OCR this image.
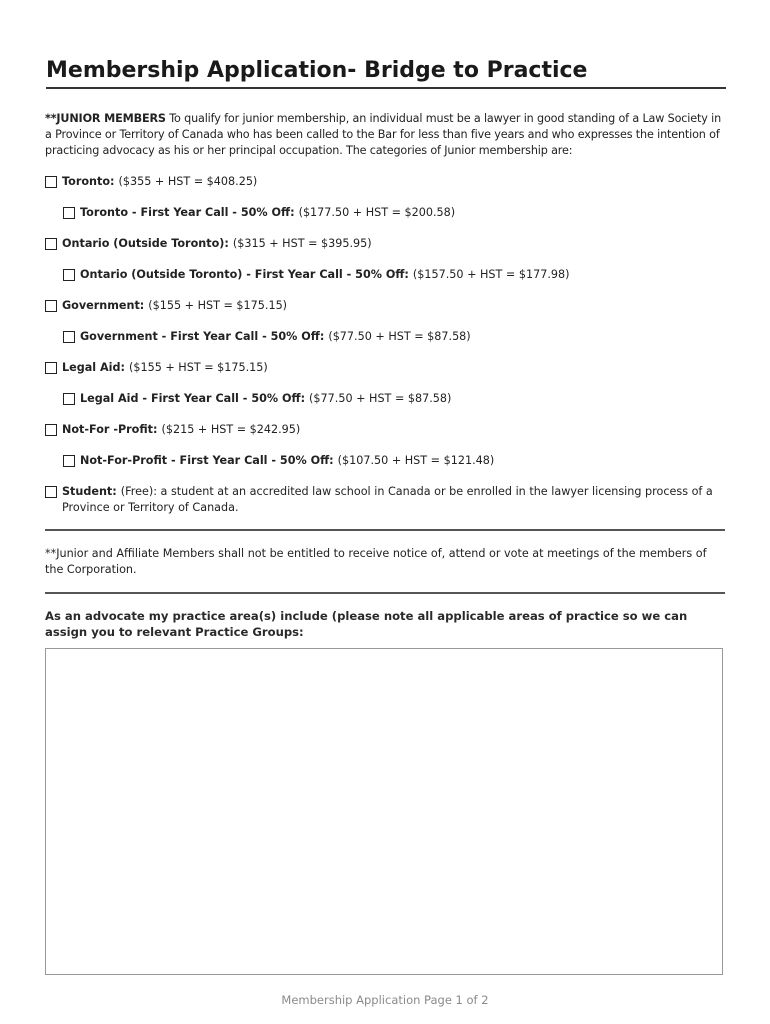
Membership Application- Bridge to Practice
**JUNIOR MEMBERS To qualify for junior membership, an individual must be a lawyer in good standing of a Law Society in a Province or Territory of Canada who has been called to the Bar for less than five years and who expresses the intention of practicing advocacy as his or her principal occupation. The categories of Junior membership are:
Toronto: ($355 + HST = $408.25)
Toronto - First Year Call - 50% Off: ($177.50 + HST = $200.58)
Ontario (Outside Toronto): ($315 + HST = $395.95)
Ontario (Outside Toronto) - First Year Call - 50% Off: ($157.50 + HST = $177.98)
Government: ($155 + HST = $175.15)
Government - First Year Call - 50% Off: ($77.50 + HST = $87.58)
Legal Aid: ($155 + HST = $175.15)
Legal Aid - First Year Call - 50% Off: ($77.50 + HST = $87.58)
Not-For -Profit: ($215 + HST = $242.95)
Not-For-Profit - First Year Call - 50% Off: ($107.50 + HST = $121.48)
Student: (Free): a student at an accredited law school in Canada or be enrolled in the lawyer licensing process of a Province or Territory of Canada.
**Junior and Affiliate Members shall not be entitled to receive notice of, attend or vote at meetings of the members of the Corporation.
As an advocate my practice area(s) include (please note all applicable areas of practice so we can assign you to relevant Practice Groups:
Membership Application Page 1 of 2
